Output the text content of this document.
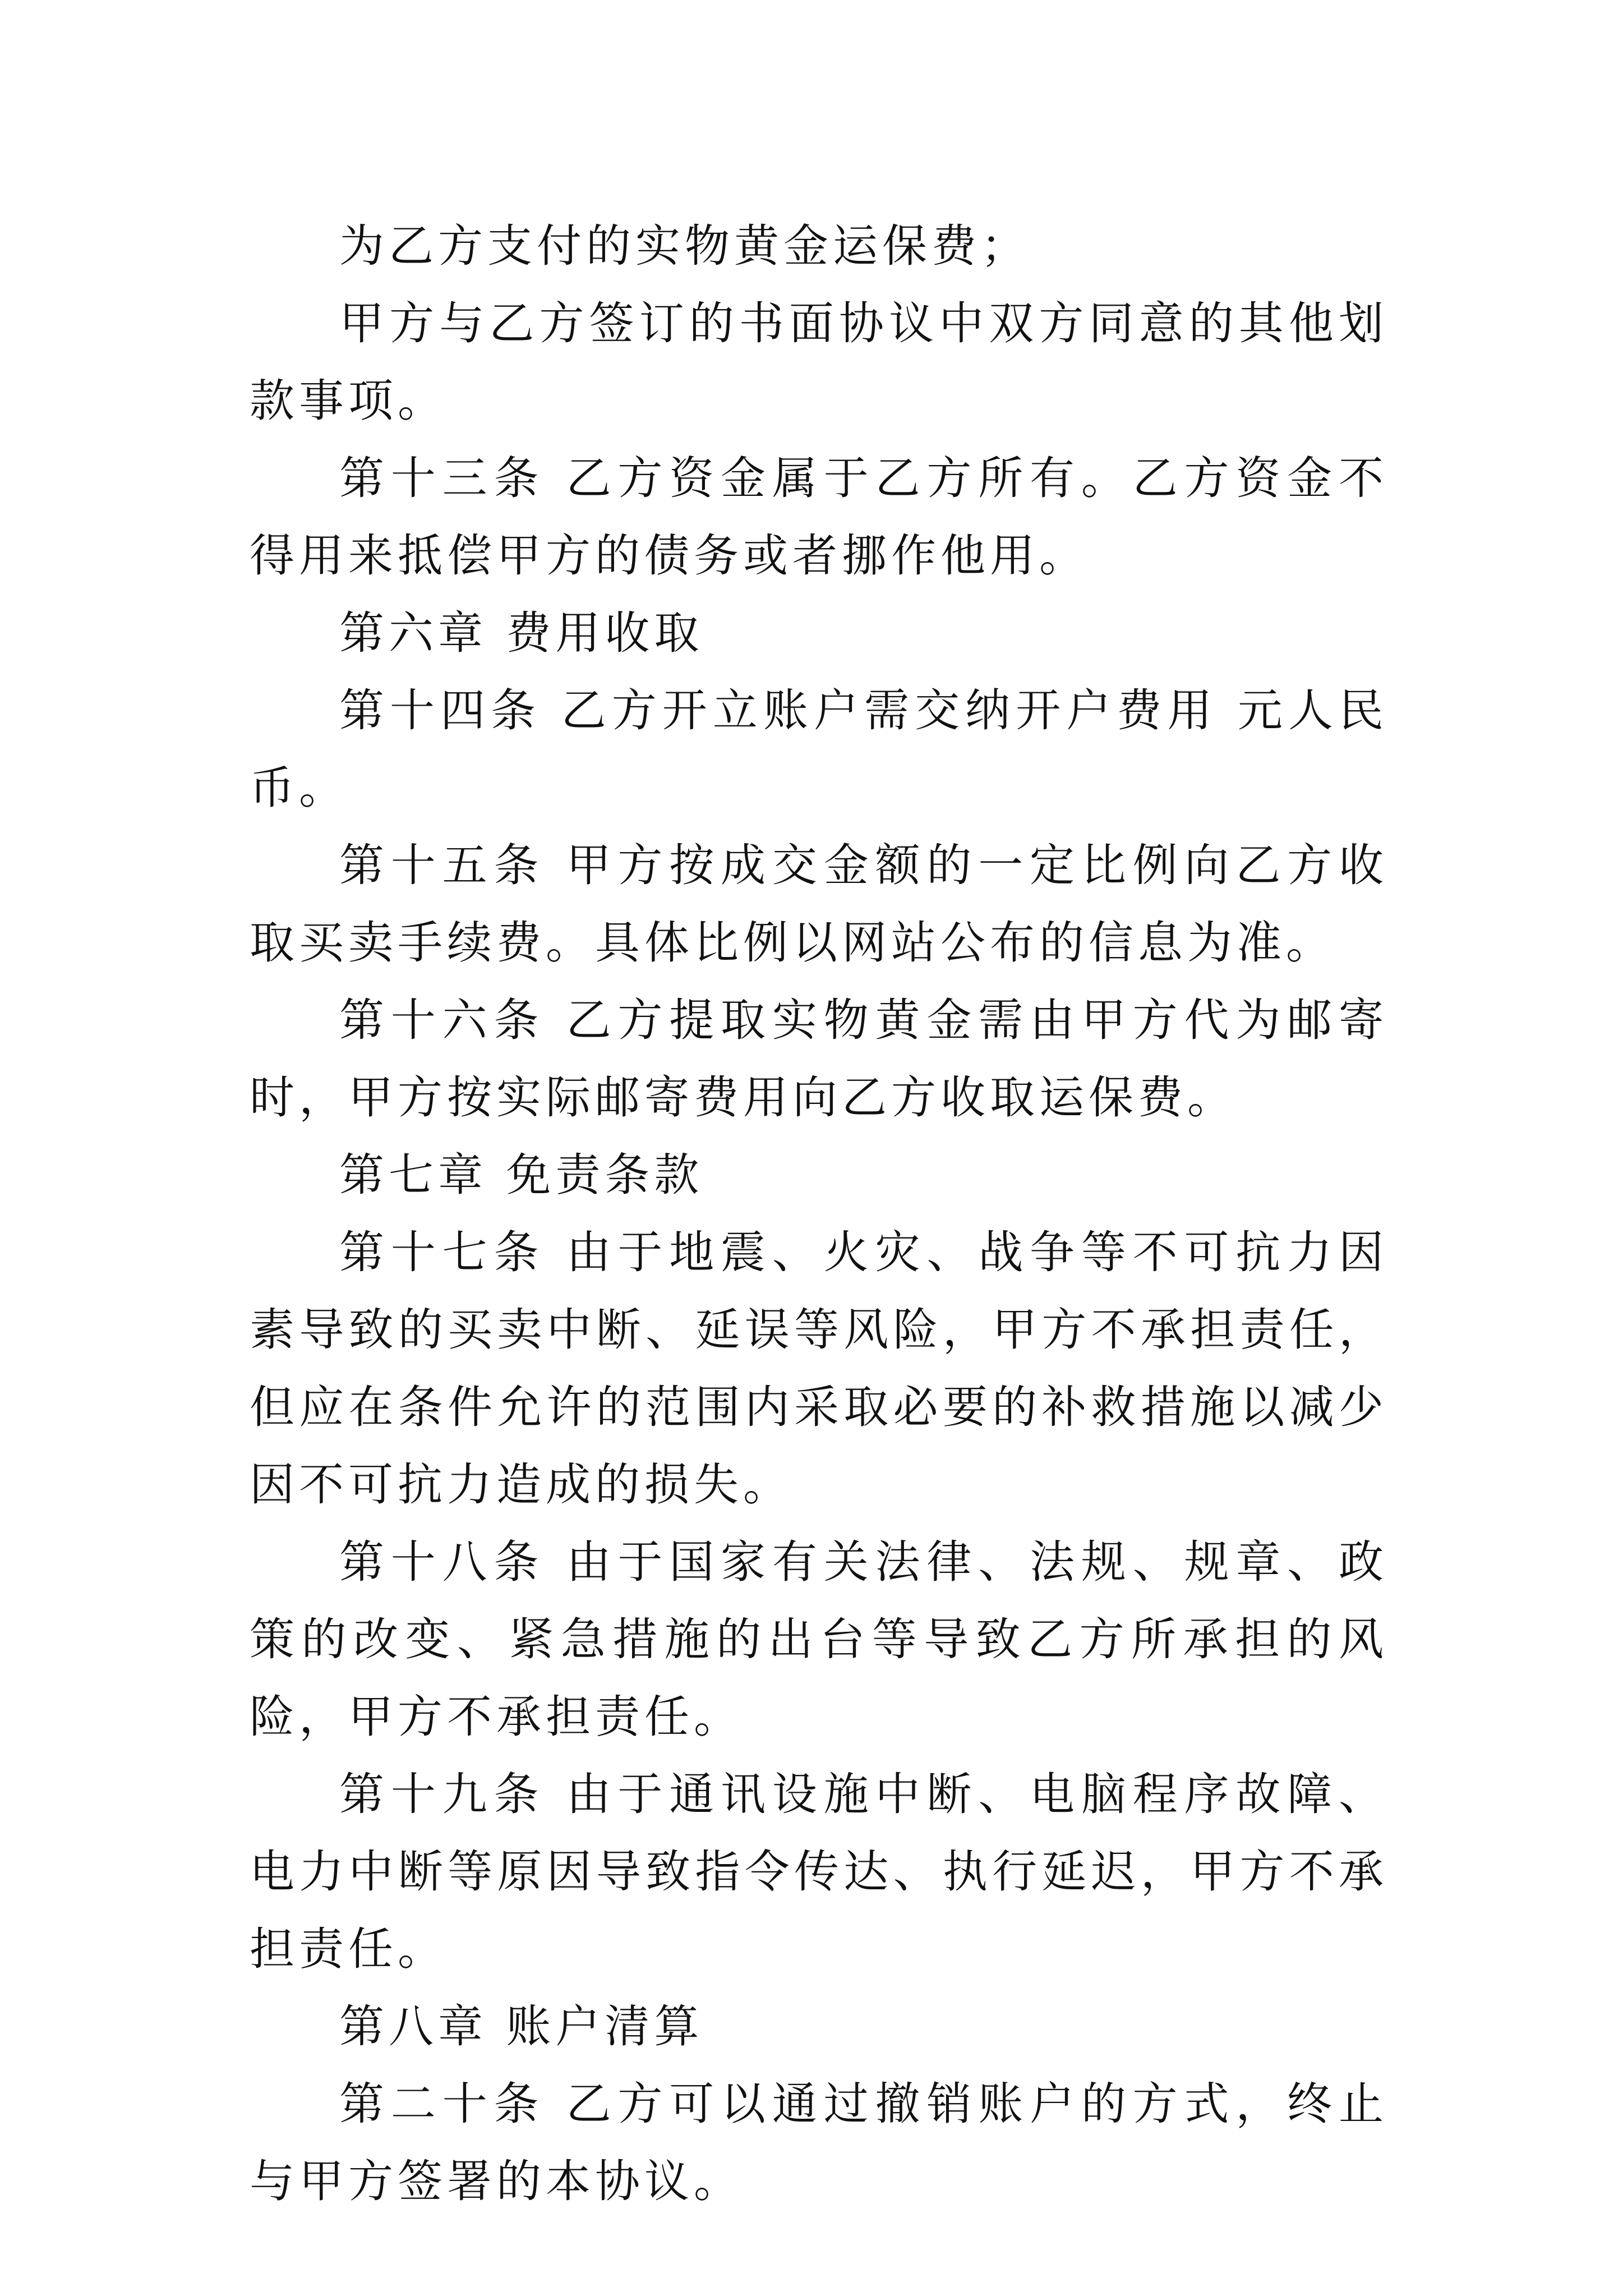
为乙方支付的实物黄金运保费；

甲方与乙方签订的书面协议中双方同意的其他划款事项。

第十三条 乙方资金属于乙方所有。乙方资金不得用来抵偿甲方的债务或者挪作他用。

第六章 费用收取

第十四条 乙方开立账户需交纳开户费用 元人民币。

第十五条 甲方按成交金额的一定比例向乙方收取买卖手续费。具体比例以网站公布的信息为准。

第十六条 乙方提取实物黄金需由甲方代为邮寄时，甲方按实际邮寄费用向乙方收取运保费。

第七章 免责条款

第十七条 由于地震、火灾、战争等不可抗力因素导致的买卖中断、延误等风险，甲方不承担责任，但应在条件允许的范围内采取必要的补救措施以减少因不可抗力造成的损失。

第十八条 由于国家有关法律、法规、规章、政策的改变、紧急措施的出台等导致乙方所承担的风险，甲方不承担责任。

第十九条 由于通讯设施中断、电脑程序故障、电力中断等原因导致指令传达、执行延迟，甲方不承担责任。

第八章 账户清算

第二十条 乙方可以通过撤销账户的方式，终止与甲方签署的本协议。
